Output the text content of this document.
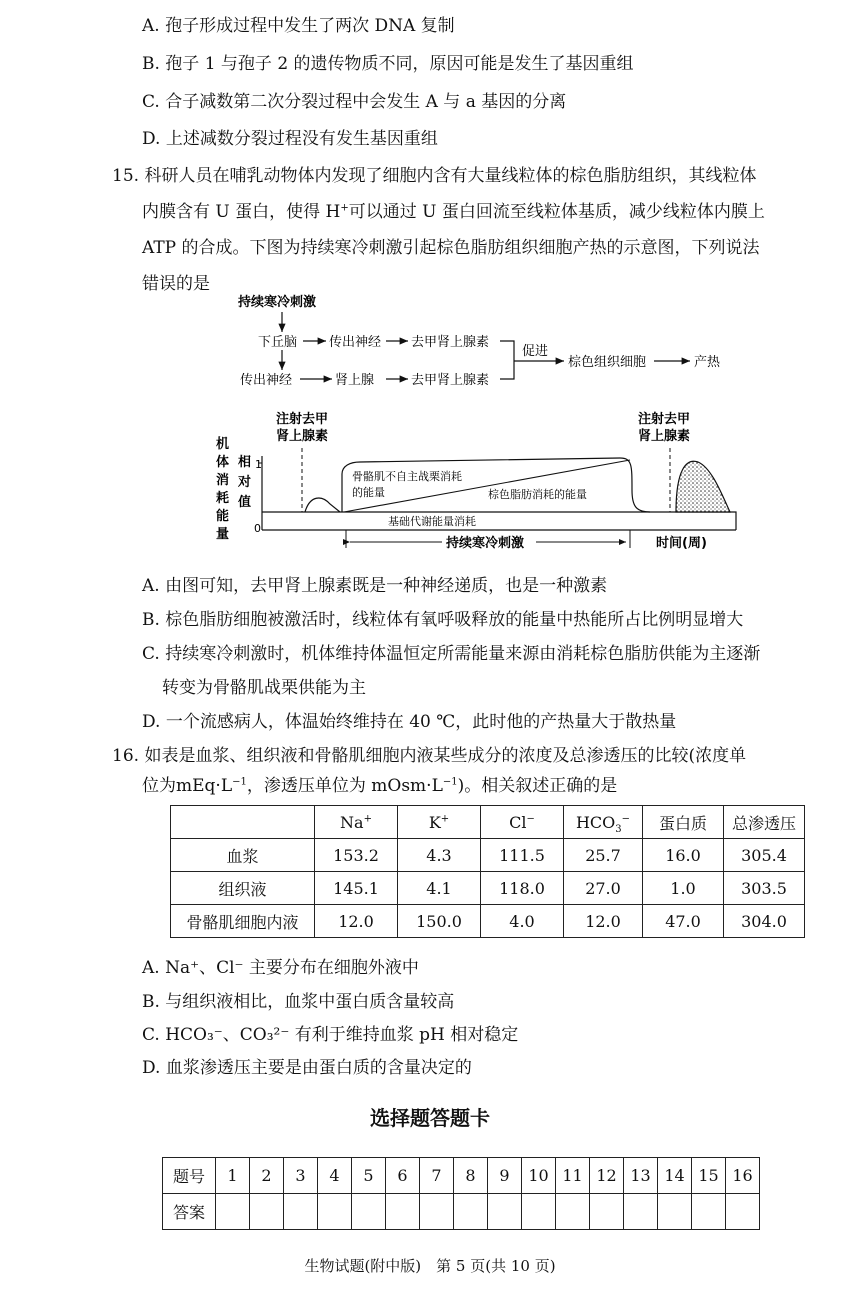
A. 孢子形成过程中发生了两次 DNA 复制
B. 孢子 1 与孢子 2 的遗传物质不同，原因可能是发生了基因重组
C. 合子减数第二次分裂过程中会发生 A 与 a 基因的分离
D. 上述减数分裂过程没有发生基因重组
15. 科研人员在哺乳动物体内发现了细胞内含有大量线粒体的棕色脂肪组织，其线粒体
内膜含有 U 蛋白，使得 H+可以通过 U 蛋白回流至线粒体基质，减少线粒体内膜上
ATP 的合成。下图为持续寒冷刺激引起棕色脂肪组织细胞产热的示意图，下列说法
错误的是
持续寒冷刺激
下丘脑 传出神经 去甲肾上腺素
传出神经	肾上腺	去甲肾上腺素
促进
棕色组织细胞	产热
注射去甲
肾上腺素
注射去甲
肾上腺素
机
体
消
耗
能
量
相
对
值
1
0
基础代谢能量消耗
骨骼肌不自主战栗消耗
的能量	棕色脂肪消耗的能量
持续寒冷刺激	时间(周)
A. 由图可知，去甲肾上腺素既是一种神经递质，也是一种激素
B. 棕色脂肪细胞被激活时，线粒体有氧呼吸释放的能量中热能所占比例明显增大
C. 持续寒冷刺激时，机体维持体温恒定所需能量来源由消耗棕色脂肪供能为主逐渐
转变为骨骼肌战栗供能为主
D. 一个流感病人，体温始终维持在 40 ℃，此时他的产热量大于散热量
16. 如表是血浆、组织液和骨骼肌细胞内液某些成分的浓度及总渗透压的比较(浓度单
位为$mEq\cdot L^{-1}$，渗透压单位为 $mOsm\cdot L^{-1}$)。相关叙述正确的是
	Na+	K+	Cl−	$HCO_3^-$	蛋白质	总渗透压
血浆	153.2	4.3	111.5	25.7	16.0	305.4
组织液	145.1	4.1	118.0	27.0	1.0	303.5
骨骼肌细胞内液	12.0	150.0	4.0	12.0	47.0	304.0
A. Na⁺、Cl⁻ 主要分布在细胞外液中
B. 与组织液相比，血浆中蛋白质含量较高
C. HCO₃⁻、CO₃²⁻ 有利于维持血浆 pH 相对稳定
D. 血浆渗透压主要是由蛋白质的含量决定的
选择题答题卡
题号	1	2	3	4	5	6	7	8	9	10	11	12	13	14	15	16
答案																
生物试题(附中版)　第 5 页(共 10 页)
